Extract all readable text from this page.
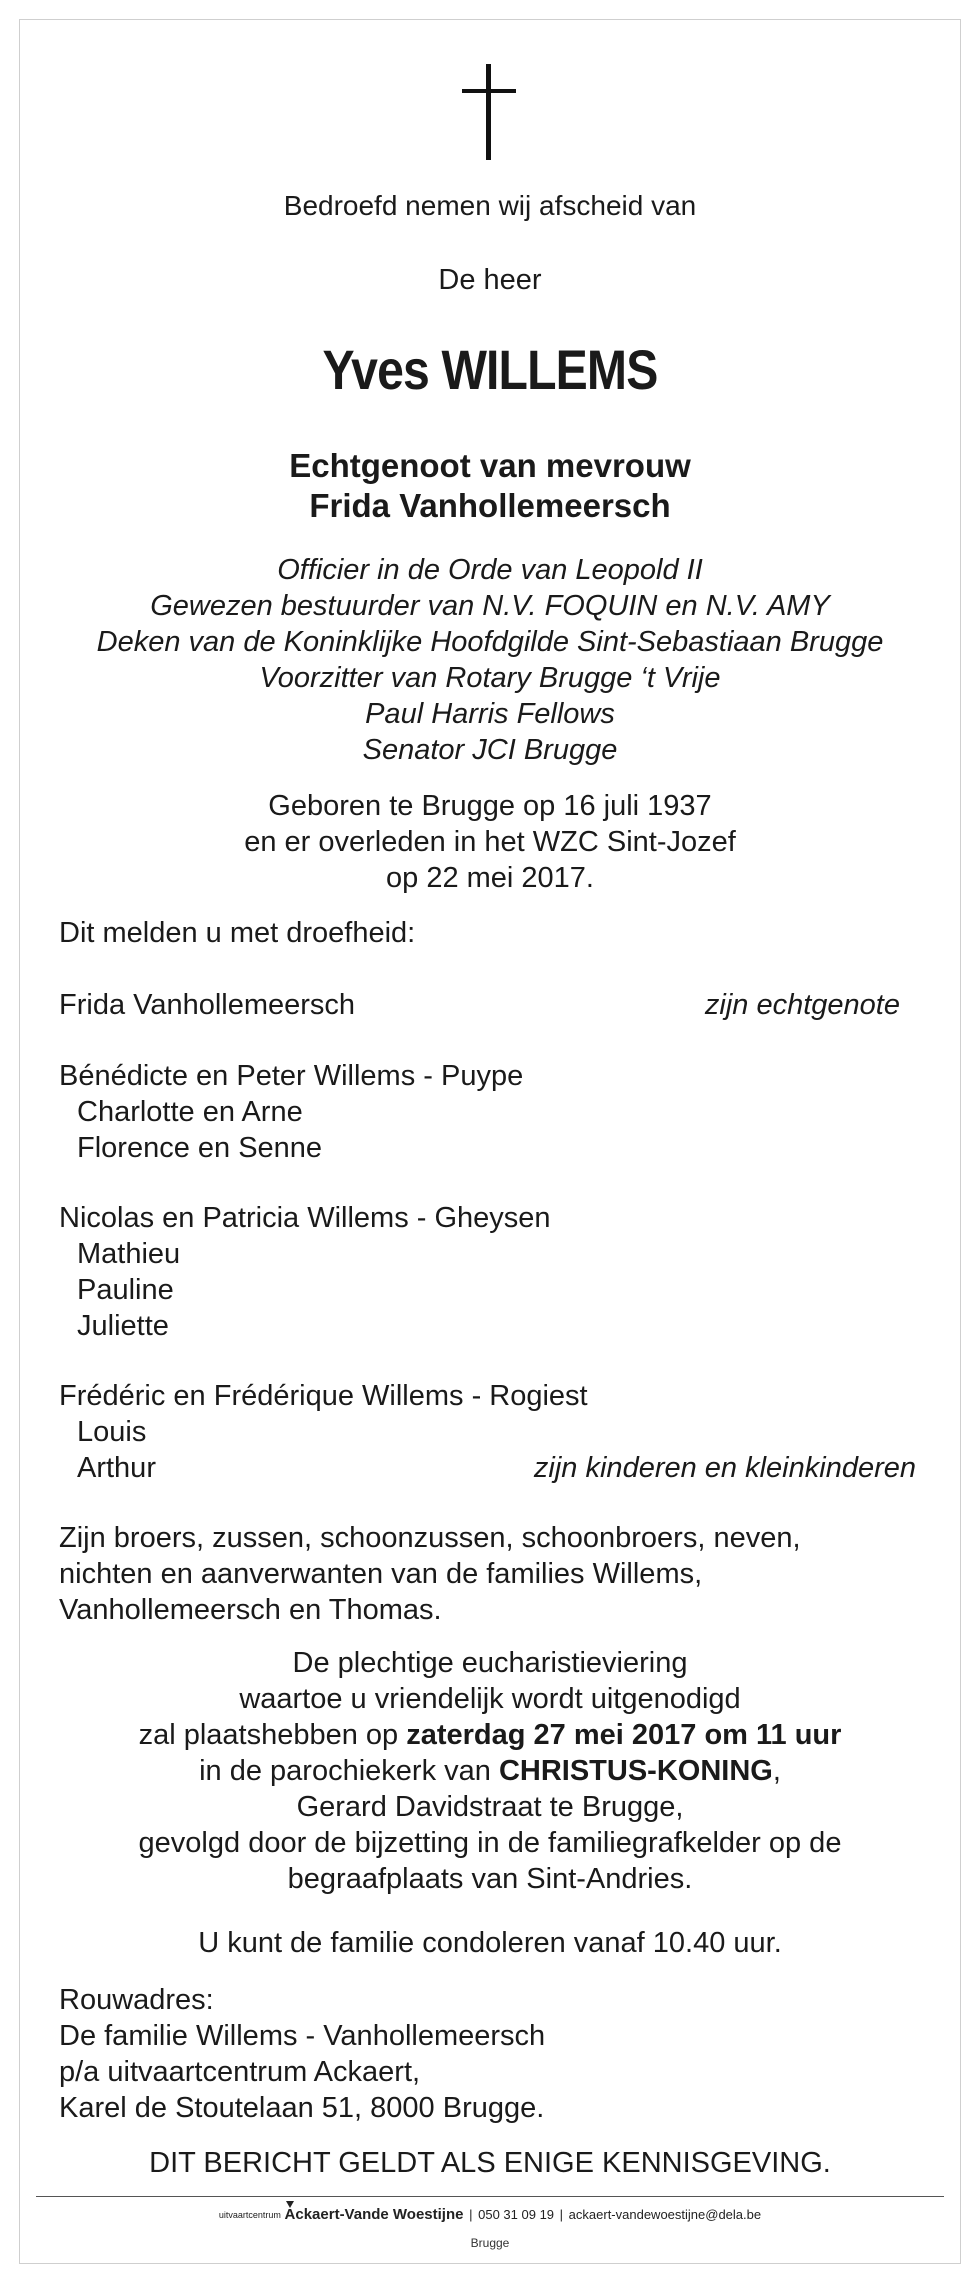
Bedroefd nemen wij afscheid van
De heer
Yves WILLEMS
Echtgenoot van mevrouw
Frida Vanhollemeersch
Officier in de Orde van Leopold II
Gewezen bestuurder van N.V. FOQUIN en N.V. AMY
Deken van de Koninklijke Hoofdgilde Sint-Sebastiaan Brugge
Voorzitter van Rotary Brugge ‘t Vrije
Paul Harris Fellows
Senator JCI Brugge
Geboren te Brugge op 16 juli 1937
en er overleden in het WZC Sint-Jozef
op 22 mei 2017.
Dit melden u met droefheid:
Frida Vanhollemeersch	zijn echtgenote
Bénédicte en Peter Willems - Puype
Charlotte en Arne
Florence en Senne
Nicolas en Patricia Willems - Gheysen
Mathieu
Pauline
Juliette
Frédéric en Frédérique Willems - Rogiest
Louis
Arthur	zijn kinderen en kleinkinderen
Zijn broers, zussen, schoonzussen, schoonbroers, neven,
nichten en aanverwanten van de families Willems,
Vanhollemeersch en Thomas.
De plechtige eucharistieviering
waartoe u vriendelijk wordt uitgenodigd
zal plaatshebben op zaterdag 27 mei 2017 om 11 uur
in de parochiekerk van CHRISTUS-KONING,
Gerard Davidstraat te Brugge,
gevolgd door de bijzetting in de familiegrafkelder op de
begraafplaats van Sint-Andries.
U kunt de familie condoleren vanaf 10.40 uur.
Rouwadres:
De familie Willems - Vanhollemeersch
p/a uitvaartcentrum Ackaert,
Karel de Stoutelaan 51, 8000 Brugge.
DIT BERICHT GELDT ALS ENIGE KENNISGEVING.
uitvaartcentrum Ackaert-Vande Woestijne | 050 31 09 19 | ackaert-vandewoestijne@dela.be
Brugge
